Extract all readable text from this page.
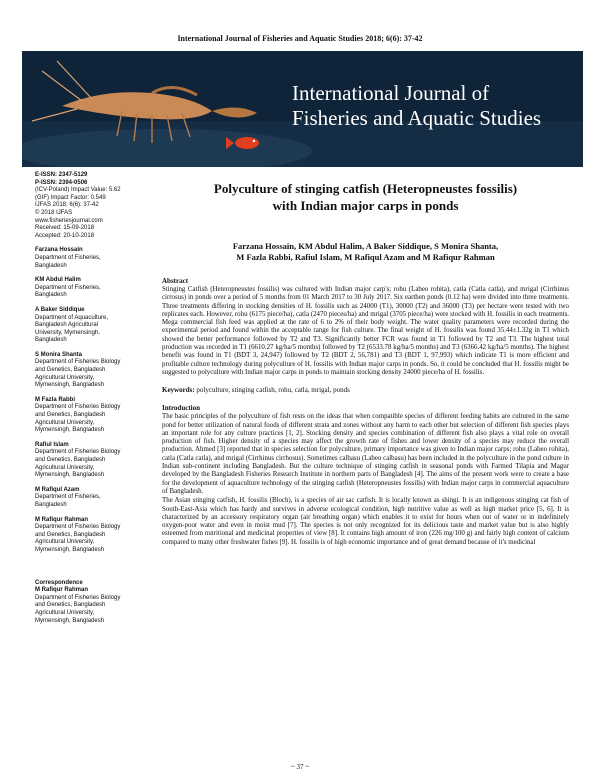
International Journal of Fisheries and Aquatic Studies 2018; 6(6): 37-42
International Journal of
Fisheries and Aquatic Studies
E-ISSN: 2347-5129
P-ISSN: 2394-0506
(ICV-Poland) Impact Value: 5.62
(GIF) Impact Factor: 0.549
IJFAS 2018; 6(6): 37-42
© 2018 IJFAS
www.fisheriesjournal.com
Received: 15-09-2018
Accepted: 20-10-2018
Farzana Hossain
Department of Fisheries,
Bangladesh
KM Abdul Halim
Department of Fisheries,
Bangladesh
A Baker Siddique
Department of Aquaculture,
Bangladesh Agricultural
University, Mymensingh,
Bangladesh
S Monira Shanta
Department of Fisheries Biology
and Genetics, Bangladesh
Agricultural University,
Mymensingh, Bangladesh
M Fazla Rabbi
Department of Fisheries Biology
and Genetics, Bangladesh
Agricultural University,
Mymensingh, Bangladesh
Rafiul Islam
Department of Fisheries Biology
and Genetics, Bangladesh
Agricultural University,
Mymensingh, Bangladesh
M Rafiqul Azam
Department of Fisheries,
Bangladesh
M Rafiqur Rahman
Department of Fisheries Biology
and Genetics, Bangladesh
Agricultural University,
Mymensingh, Bangladesh
Correspondence
M Rafiqur Rahman
Department of Fisheries Biology
and Genetics, Bangladesh
Agricultural University,
Mymensingh, Bangladesh
Polyculture of stinging catfish (Heteropneustes fossilis)
with Indian major carps in ponds
Farzana Hossain, KM Abdul Halim, A Baker Siddique, S Monira Shanta,
M Fazla Rabbi, Rafiul Islam, M Rafiqul Azam and M Rafiqur Rahman
Abstract

Stinging Catfish (Heteropneustes fossilis) was cultured with Indian major carp's; rohu (Labeo rohita), catla (Catla catla), and mrigal (Cirrhinus cirrosus) in ponds over a period of 5 months from 01 March 2017 to 30 July 2017. Six earthen ponds (0.12 ha) were divided into three treatments. Three treatments differing in stocking densities of H. fossilis such as 24000 (T1), 30000 (T2) and 36000 (T3) per hectare were tested with two replicates each. However, rohu (6175 piece/ha), catla (2470 pieces/ha) and mrigal (3705 piece/ha) were stocked with H. fossilis in each treatments. Mega commercial fish feed was applied at the rate of 6 to 2% of their body weight. The water quality parameters were recorded during the experimental period and found within the acceptable range for fish culture. The final weight of H. fossilis was found 35.44±1.32g in T1 which showed the better performance followed by T2 and T3. Significantly better FCR was found in T1 followed by T2 and T3. The highest total production was recorded in T1 (6610.27 kg/ha/5 months) followed by T2 (6533.78 kg/ha/5 months) and T3 (6366.42 kg/ha/5 months). The highest benefit was found in T1 (BDT 3, 24,947) followed by T2 (BDT 2, 56,781) and T3 (BDT 1, 97,993) which indicate T1 is more efficient and profitable culture technology during polyculture of H. fossilis with Indian major carps in ponds. So, it could be concluded that H. fossilis might be suggested to polyculture with Indian major carps in ponds to maintain stocking density 24000 piece/ha of H. fossilis.

Keywords: polyculture, stinging catfish, rohu, catla, mrigal, ponds
Introduction

The basic principles of the polyculture of fish rests on the ideas that when compatible species of different feeding habits are cultured in the same pond for better utilization of natural foods of different strata and zones without any harm to each other but selection of different fish species plays an important role for any culture practices [1, 2]. Stocking density and species combination of different fish also plays a vital role on overall production of fish. Higher density of a species may affect the growth rate of fishes and lower density of a species may reduce the overall production. Ahmed [3] reported that in species selection for polyculture, primary importance was given to Indian major carps; rohu (Labeo rohita), catla (Catla catla), and mrigal (Cirrhinus cirrhosus). Sometimes calbasu (Labeo calbasu) has been included in the polyculture in the pond culture in Indian sub-continent including Bangladesh. But the culture technique of stinging catfish in seasonal ponds with Farmed Tilapia and Magur developed by the Bangladesh Fisheries Research Institute in northern parts of Bangladesh [4]. The aims of the present work were to create a base for the development of aquaculture technology of the stinging catfish (Heteropneustes fossilis) with Indian major carps in commercial aquaculture of Bangladesh.

The Asian stinging catfish, H. fossilis (Bloch), is a species of air sac catfish. It is locally known as shingi. It is an indigenous stinging cat fish of South-East-Asia which has hardy and survives in adverse ecological condition, high nutritive value as well as high market price [5, 6]. It is characterized by an accessory respiratory organ (air breathing organ) which enables it to exist for hours when out of water or in indefinitely oxygen-poor water and even in moist mud [7]. The species is not only recognized for its delicious taste and market value but is also highly esteemed from nutritional and medicinal properties of view [8]. It contains high amount of iron (226 mg/100 g) and fairly high content of calcium compared to many other freshwater fishes [9]. H. fossilis is of high economic importance and of great demand because of it's medicinal

~ 37 ~
